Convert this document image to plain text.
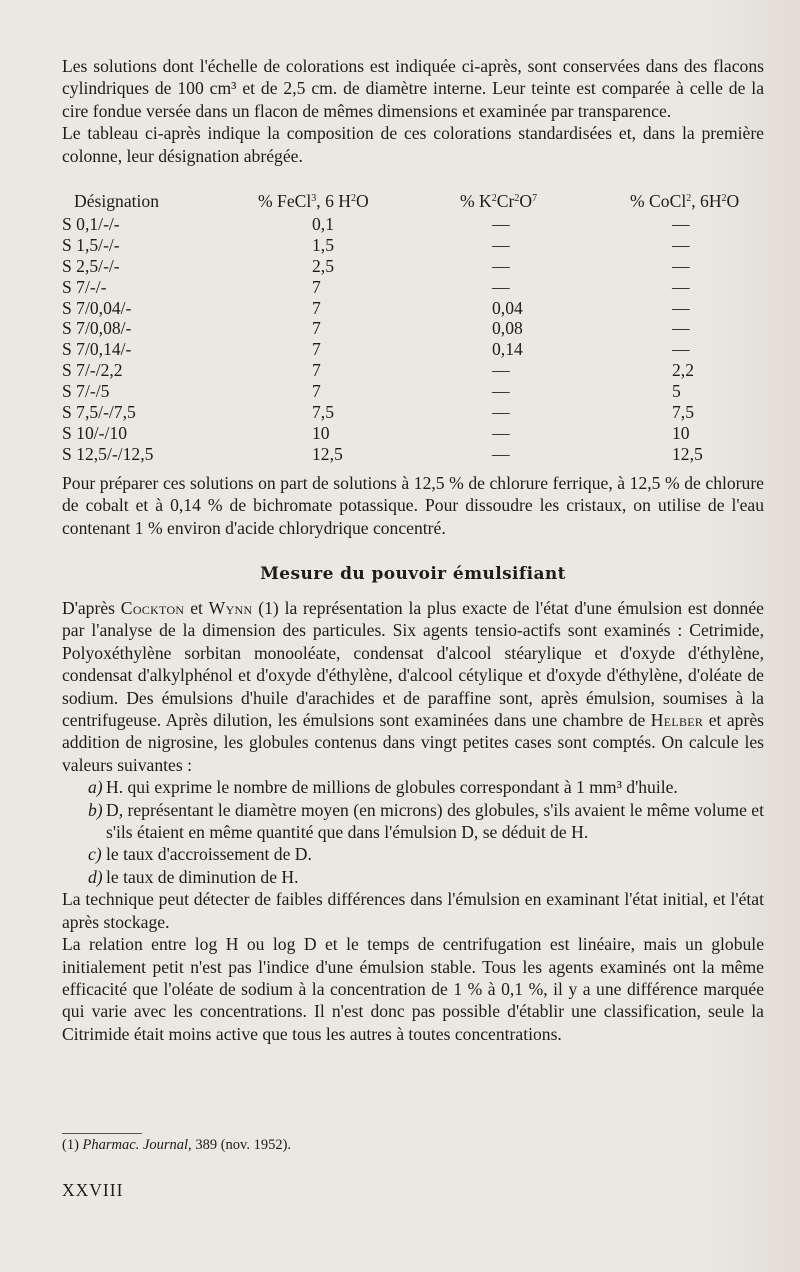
Les solutions dont l'échelle de colorations est indiquée ci-après, sont conservées dans des flacons cylindriques de 100 cm³ et de 2,5 cm. de diamètre interne. Leur teinte est comparée à celle de la cire fondue versée dans un flacon de mêmes dimensions et examinée par transparence.

Le tableau ci-après indique la composition de ces colorations standardisées et, dans la première colonne, leur désignation abrégée.

Désignation	% FeCl$^3$, 6 $H^2O$	% $K^2Cr^2O^7$	% CoCl$^2$, $6H^2O$
S 0,1/-/-	0,1	—	—
S 1,5/-/-	1,5	—	—
S 2,5/-/-	2,5	—	—
S 7/-/-	7	—	—
S 7/0,04/-	7	0,04	—
S 7/0,08/-	7	0,08	—
S 7/0,14/-	7	0,14	—
S 7/-/2,2	7	—	2,2
S 7/-/5	7	—	5
S 7,5/-/7,5	7,5	—	7,5
S 10/-/10	10	—	10
S 12,5/-/12,5	12,5	—	12,5

Pour préparer ces solutions on part de solutions à 12,5 % de chlorure ferrique, à 12,5 % de chlorure de cobalt et à 0,14 % de bichromate potassique. Pour dissoudre les cristaux, on utilise de l'eau contenant 1 % environ d'acide chlorydrique concentré.

Mesure du pouvoir émulsifiant

D'après Cockton et Wynn (1) la représentation la plus exacte de l'état d'une émulsion est donnée par l'analyse de la dimension des particules. Six agents tensio-actifs sont examinés : Cetrimide, Polyoxéthylène sorbitan monooléate, condensat d'alcool stéarylique et d'oxyde d'éthylène, condensat d'alkylphénol et d'oxyde d'éthylène, d'alcool cétylique et d'oxyde d'éthylène, d'oléate de sodium. Des émulsions d'huile d'arachides et de paraffine sont, après émulsion, soumises à la centrifugeuse. Après dilution, les émulsions sont examinées dans une chambre de Helber et après addition de nigrosine, les globules contenus dans vingt petites cases sont comptés. On calcule les valeurs suivantes :

a) H. qui exprime le nombre de millions de globules correspondant à 1 mm³ d'huile.

b) D, représentant le diamètre moyen (en microns) des globules, s'ils avaient le même volume et s'ils étaient en même quantité que dans l'émulsion D, se déduit de H.

c) le taux d'accroissement de D.

d) le taux de diminution de H.

La technique peut détecter de faibles différences dans l'émulsion en examinant l'état initial, et l'état après stockage.

La relation entre log H ou log D et le temps de centrifugation est linéaire, mais un globule initialement petit n'est pas l'indice d'une émulsion stable. Tous les agents examinés ont la même efficacité que l'oléate de sodium à la concentration de 1 % à 0,1 %, il y a une différence marquée qui varie avec les concentrations. Il n'est donc pas possible d'établir une classification, seule la Citrimide était moins active que tous les autres à toutes concentrations.

(1) Pharmac. Journal, 389 (nov. 1952).
XXVIII
